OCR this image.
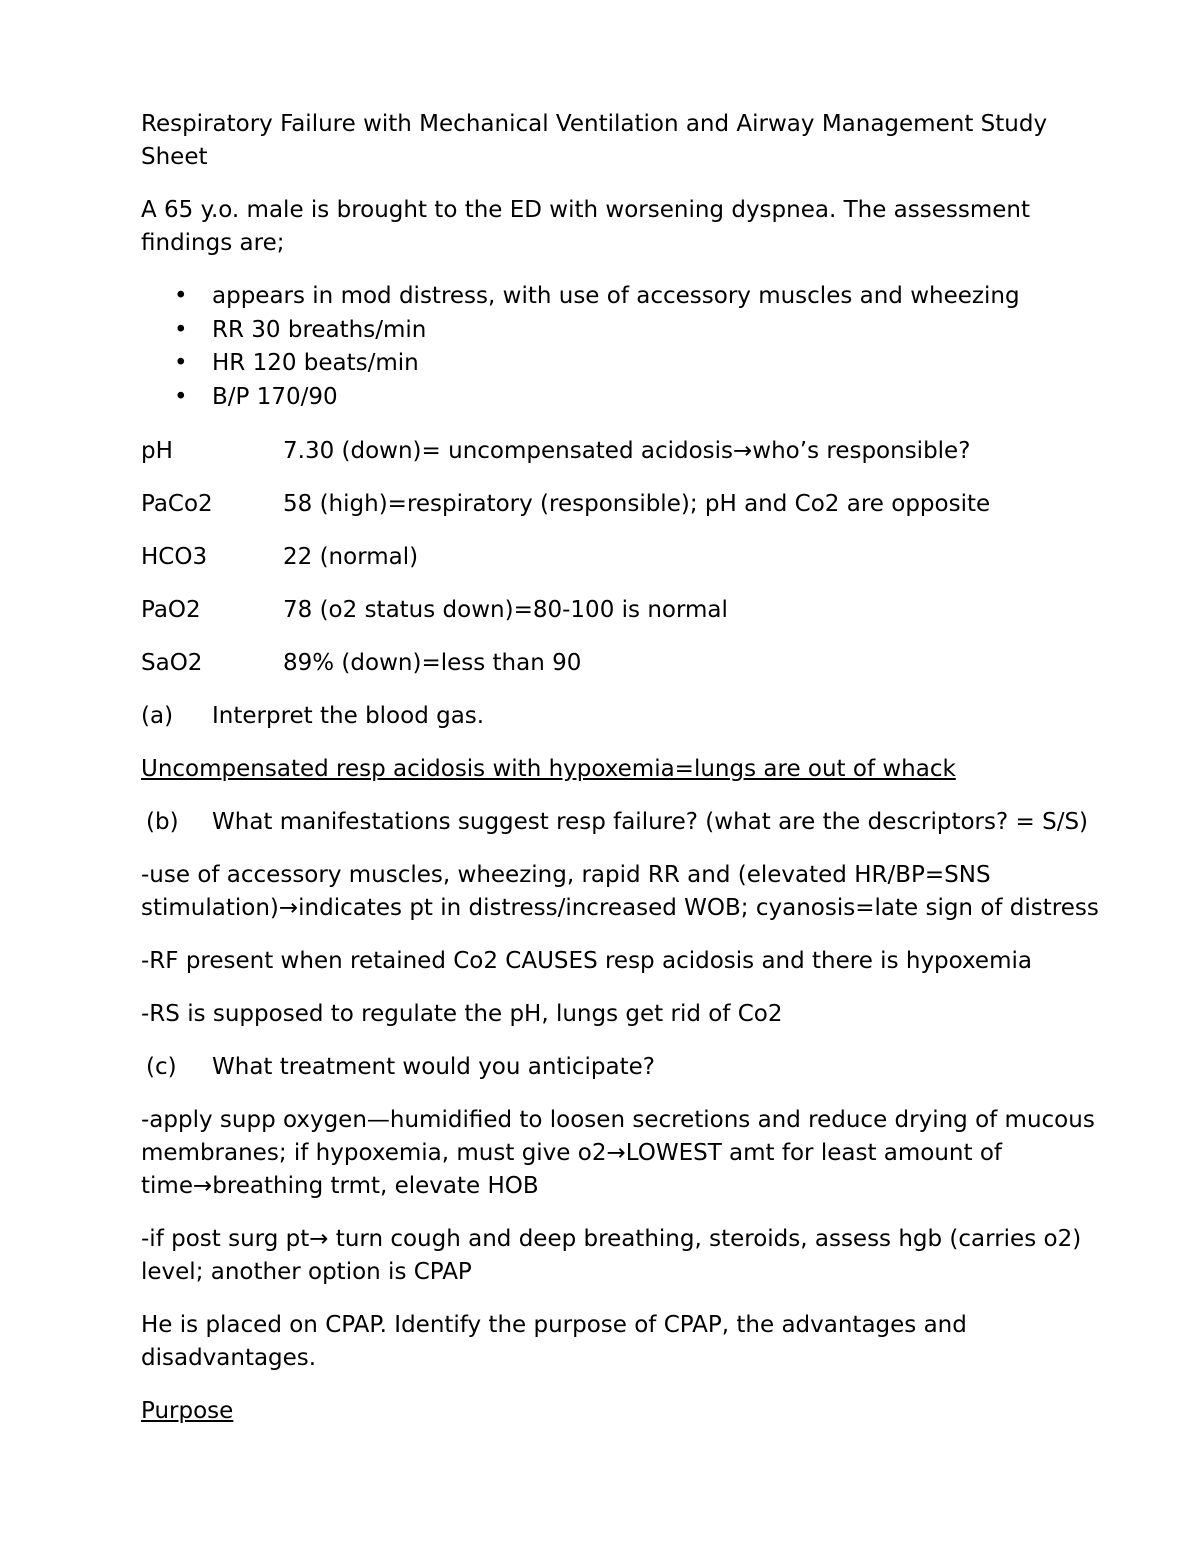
Respiratory Failure with Mechanical Ventilation and Airway Management Study Sheet

A 65 y.o. male is brought to the ED with worsening dyspnea. The assessment findings are;

• appears in mod distress, with use of accessory muscles and wheezing
• RR 30 breaths/min
• HR 120 beats/min
• B/P 170/90
pH	7.30 (down)= uncompensated acidosis→who’s responsible?
PaCo2	58 (high)=respiratory (responsible); pH and Co2 are opposite
HCO3	22 (normal)
PaO2	78 (o2 status down)=80-100 is normal
SaO2	89% (down)=less than 90
(a)	Interpret the blood gas.

Uncompensated resp acidosis with hypoxemia=lungs are out of whack

(b)	What manifestations suggest resp failure? (what are the descriptors? = S/S)

-use of accessory muscles, wheezing, rapid RR and (elevated HR/BP=SNS stimulation)→indicates pt in distress/increased WOB; cyanosis=late sign of distress

-RF present when retained Co2 CAUSES resp acidosis and there is hypoxemia

-RS is supposed to regulate the pH, lungs get rid of Co2

(c)	What treatment would you anticipate?

-apply supp oxygen—humidified to loosen secretions and reduce drying of mucous membranes; if hypoxemia, must give o2→LOWEST amt for least amount of time→breathing trmt, elevate HOB

-if post surg pt→ turn cough and deep breathing, steroids, assess hgb (carries o2) level; another option is CPAP

He is placed on CPAP. Identify the purpose of CPAP, the advantages and disadvantages.

Purpose
